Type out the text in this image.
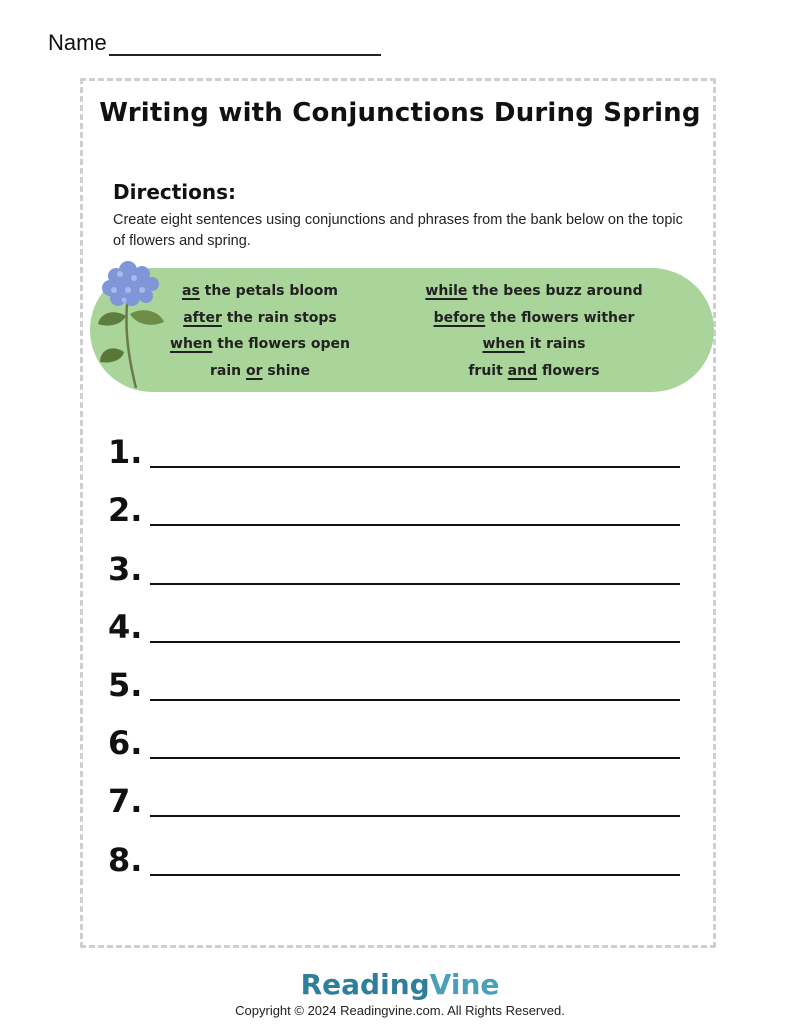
Name
Writing with Conjunctions During Spring
Directions:
Create eight sentences using conjunctions and phrases from the bank below on the topic of flowers and spring.
as the petals bloom
after the rain stops
when the flowers open
rain or shine
while the bees buzz around
before the flowers wither
when it rains
fruit and flowers
1.
2.
3.
4.
5.
6.
7.
8.
ReadingVine
Copyright © 2024 Readingvine.com. All Rights Reserved.
